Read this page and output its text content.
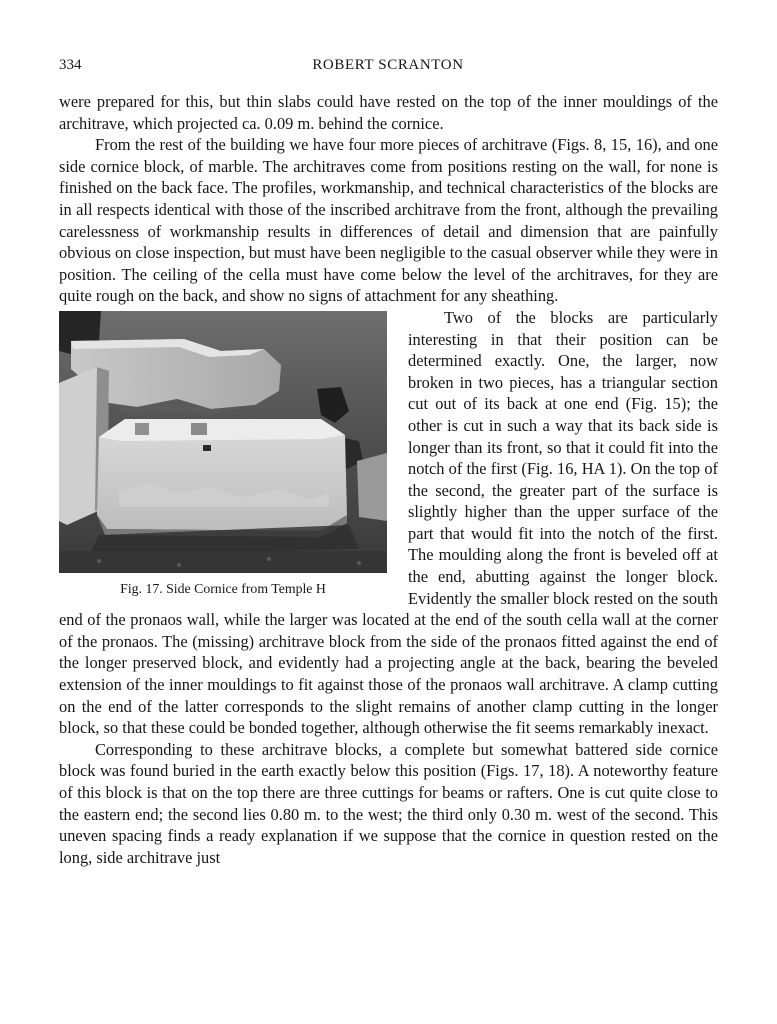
334	ROBERT SCRANTON

were prepared for this, but thin slabs could have rested on the top of the inner mouldings of the architrave, which projected ca. 0.09 m. behind the cornice.

From the rest of the building we have four more pieces of architrave (Figs. 8, 15, 16), and one side cornice block, of marble. The architraves come from positions resting on the wall, for none is finished on the back face. The profiles, workmanship, and technical characteristics of the blocks are in all respects identical with those of the inscribed architrave from the front, although the prevailing carelessness of workmanship results in differences of detail and dimension that are painfully obvious on close inspection, but must have been negligible to the casual observer while they were in position. The ceiling of the cella must have come below the level of the architraves, for they are quite rough on the back, and show no signs of attachment for any sheathing.

Fig. 17. Side Cornice from Temple H

Two of the blocks are particularly interesting in that their position can be determined exactly. One, the larger, now broken in two pieces, has a triangular section cut out of its back at one end (Fig. 15); the other is cut in such a way that its back side is longer than its front, so that it could fit into the notch of the first (Fig. 16, HA 1). On the top of the second, the greater part of the surface is slightly higher than the upper surface of the part that would fit into the notch of the first. The moulding along the front is beveled off at the end, abutting against the longer block. Evidently the smaller block rested on the south end of the pronaos wall, while the larger was located at the end of the south cella wall at the corner of the pronaos. The (missing) architrave block from the side of the pronaos fitted against the end of the longer preserved block, and evidently had a projecting angle at the back, bearing the beveled extension of the inner mouldings to fit against those of the pronaos wall architrave. A clamp cutting on the end of the latter corresponds to the slight remains of another clamp cutting in the longer block, so that these could be bonded together, although otherwise the fit seems remarkably inexact.

Corresponding to these architrave blocks, a complete but somewhat battered side cornice block was found buried in the earth exactly below this position (Figs. 17, 18). A noteworthy feature of this block is that on the top there are three cuttings for beams or rafters. One is cut quite close to the eastern end; the second lies 0.80 m. to the west; the third only 0.30 m. west of the second. This uneven spacing finds a ready explanation if we suppose that the cornice in question rested on the long, side architrave just
